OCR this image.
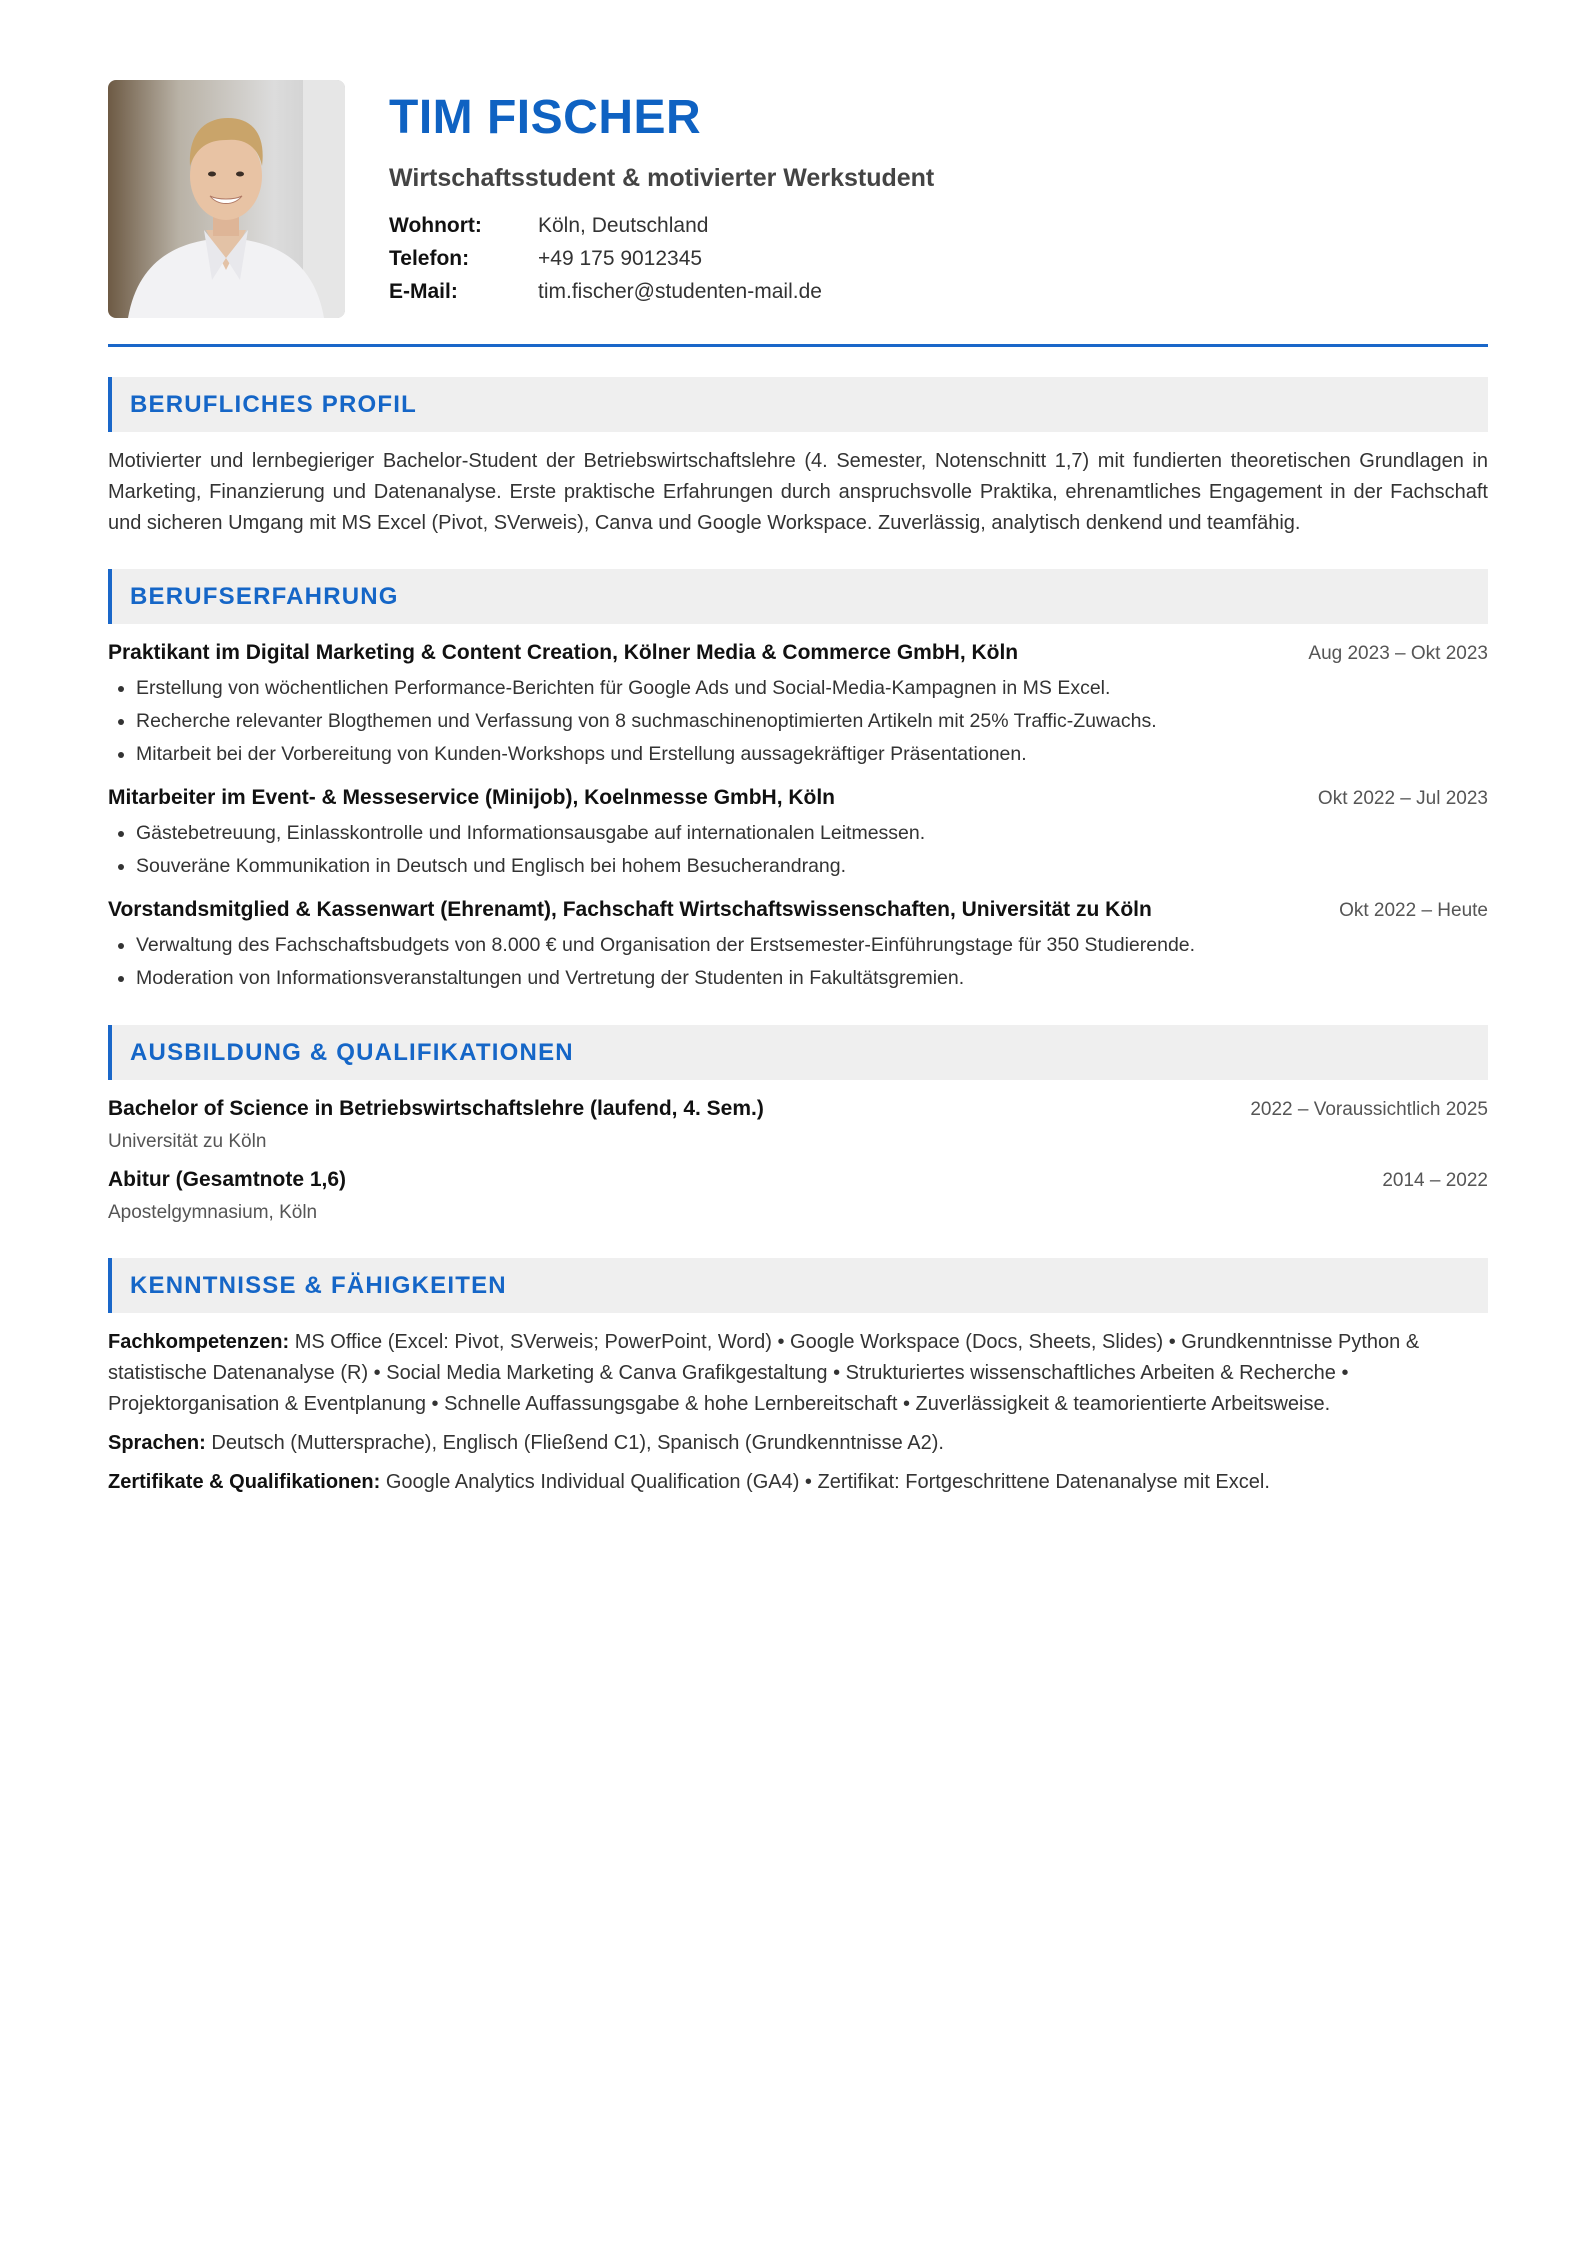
TIM FISCHER
Wirtschaftsstudent & motivierter Werkstudent
Wohnort:	Köln, Deutschland
Telefon:	+49 175 9012345
E-Mail:	tim.fischer@studenten-mail.de
BERUFLICHES PROFIL
Motivierter und lernbegieriger Bachelor-Student der Betriebswirtschaftslehre (4. Semester, Notenschnitt 1,7) mit fundierten theoretischen Grundlagen in Marketing, Finanzierung und Datenanalyse. Erste praktische Erfahrungen durch anspruchsvolle Praktika, ehrenamtliches Engagement in der Fachschaft und sicheren Umgang mit MS Excel (Pivot, SVerweis), Canva und Google Workspace. Zuverlässig, analytisch denkend und teamfähig.
BERUFSERFAHRUNG
Praktikant im Digital Marketing & Content Creation, Kölner Media & Commerce GmbH, Köln	Aug 2023 – Okt 2023
• Erstellung von wöchentlichen Performance-Berichten für Google Ads und Social-Media-Kampagnen in MS Excel.
• Recherche relevanter Blogthemen und Verfassung von 8 suchmaschinenoptimierten Artikeln mit 25% Traffic-Zuwachs.
• Mitarbeit bei der Vorbereitung von Kunden-Workshops und Erstellung aussagekräftiger Präsentationen.
Mitarbeiter im Event- & Messeservice (Minijob), Koelnmesse GmbH, Köln	Okt 2022 – Jul 2023
• Gästebetreuung, Einlasskontrolle und Informationsausgabe auf internationalen Leitmessen.
• Souveräne Kommunikation in Deutsch und Englisch bei hohem Besucherandrang.
Vorstandsmitglied & Kassenwart (Ehrenamt), Fachschaft Wirtschaftswissenschaften, Universität zu Köln	Okt 2022 – Heute
• Verwaltung des Fachschaftsbudgets von 8.000 € und Organisation der Erstsemester-Einführungstage für 350 Studierende.
• Moderation von Informationsveranstaltungen und Vertretung der Studenten in Fakultätsgremien.
AUSBILDUNG & QUALIFIKATIONEN
Bachelor of Science in Betriebswirtschaftslehre (laufend, 4. Sem.)	2022 – Voraussichtlich 2025
Universität zu Köln
Abitur (Gesamtnote 1,6)	2014 – 2022
Apostelgymnasium, Köln
KENNTNISSE & FÄHIGKEITEN
Fachkompetenzen: MS Office (Excel: Pivot, SVerweis; PowerPoint, Word) • Google Workspace (Docs, Sheets, Slides) • Grundkenntnisse Python & statistische Datenanalyse (R) • Social Media Marketing & Canva Grafikgestaltung • Strukturiertes wissenschaftliches Arbeiten & Recherche • Projektorganisation & Eventplanung • Schnelle Auffassungsgabe & hohe Lernbereitschaft • Zuverlässigkeit & teamorientierte Arbeitsweise.
Sprachen: Deutsch (Muttersprache), Englisch (Fließend C1), Spanisch (Grundkenntnisse A2).
Zertifikate & Qualifikationen: Google Analytics Individual Qualification (GA4) • Zertifikat: Fortgeschrittene Datenanalyse mit Excel.
